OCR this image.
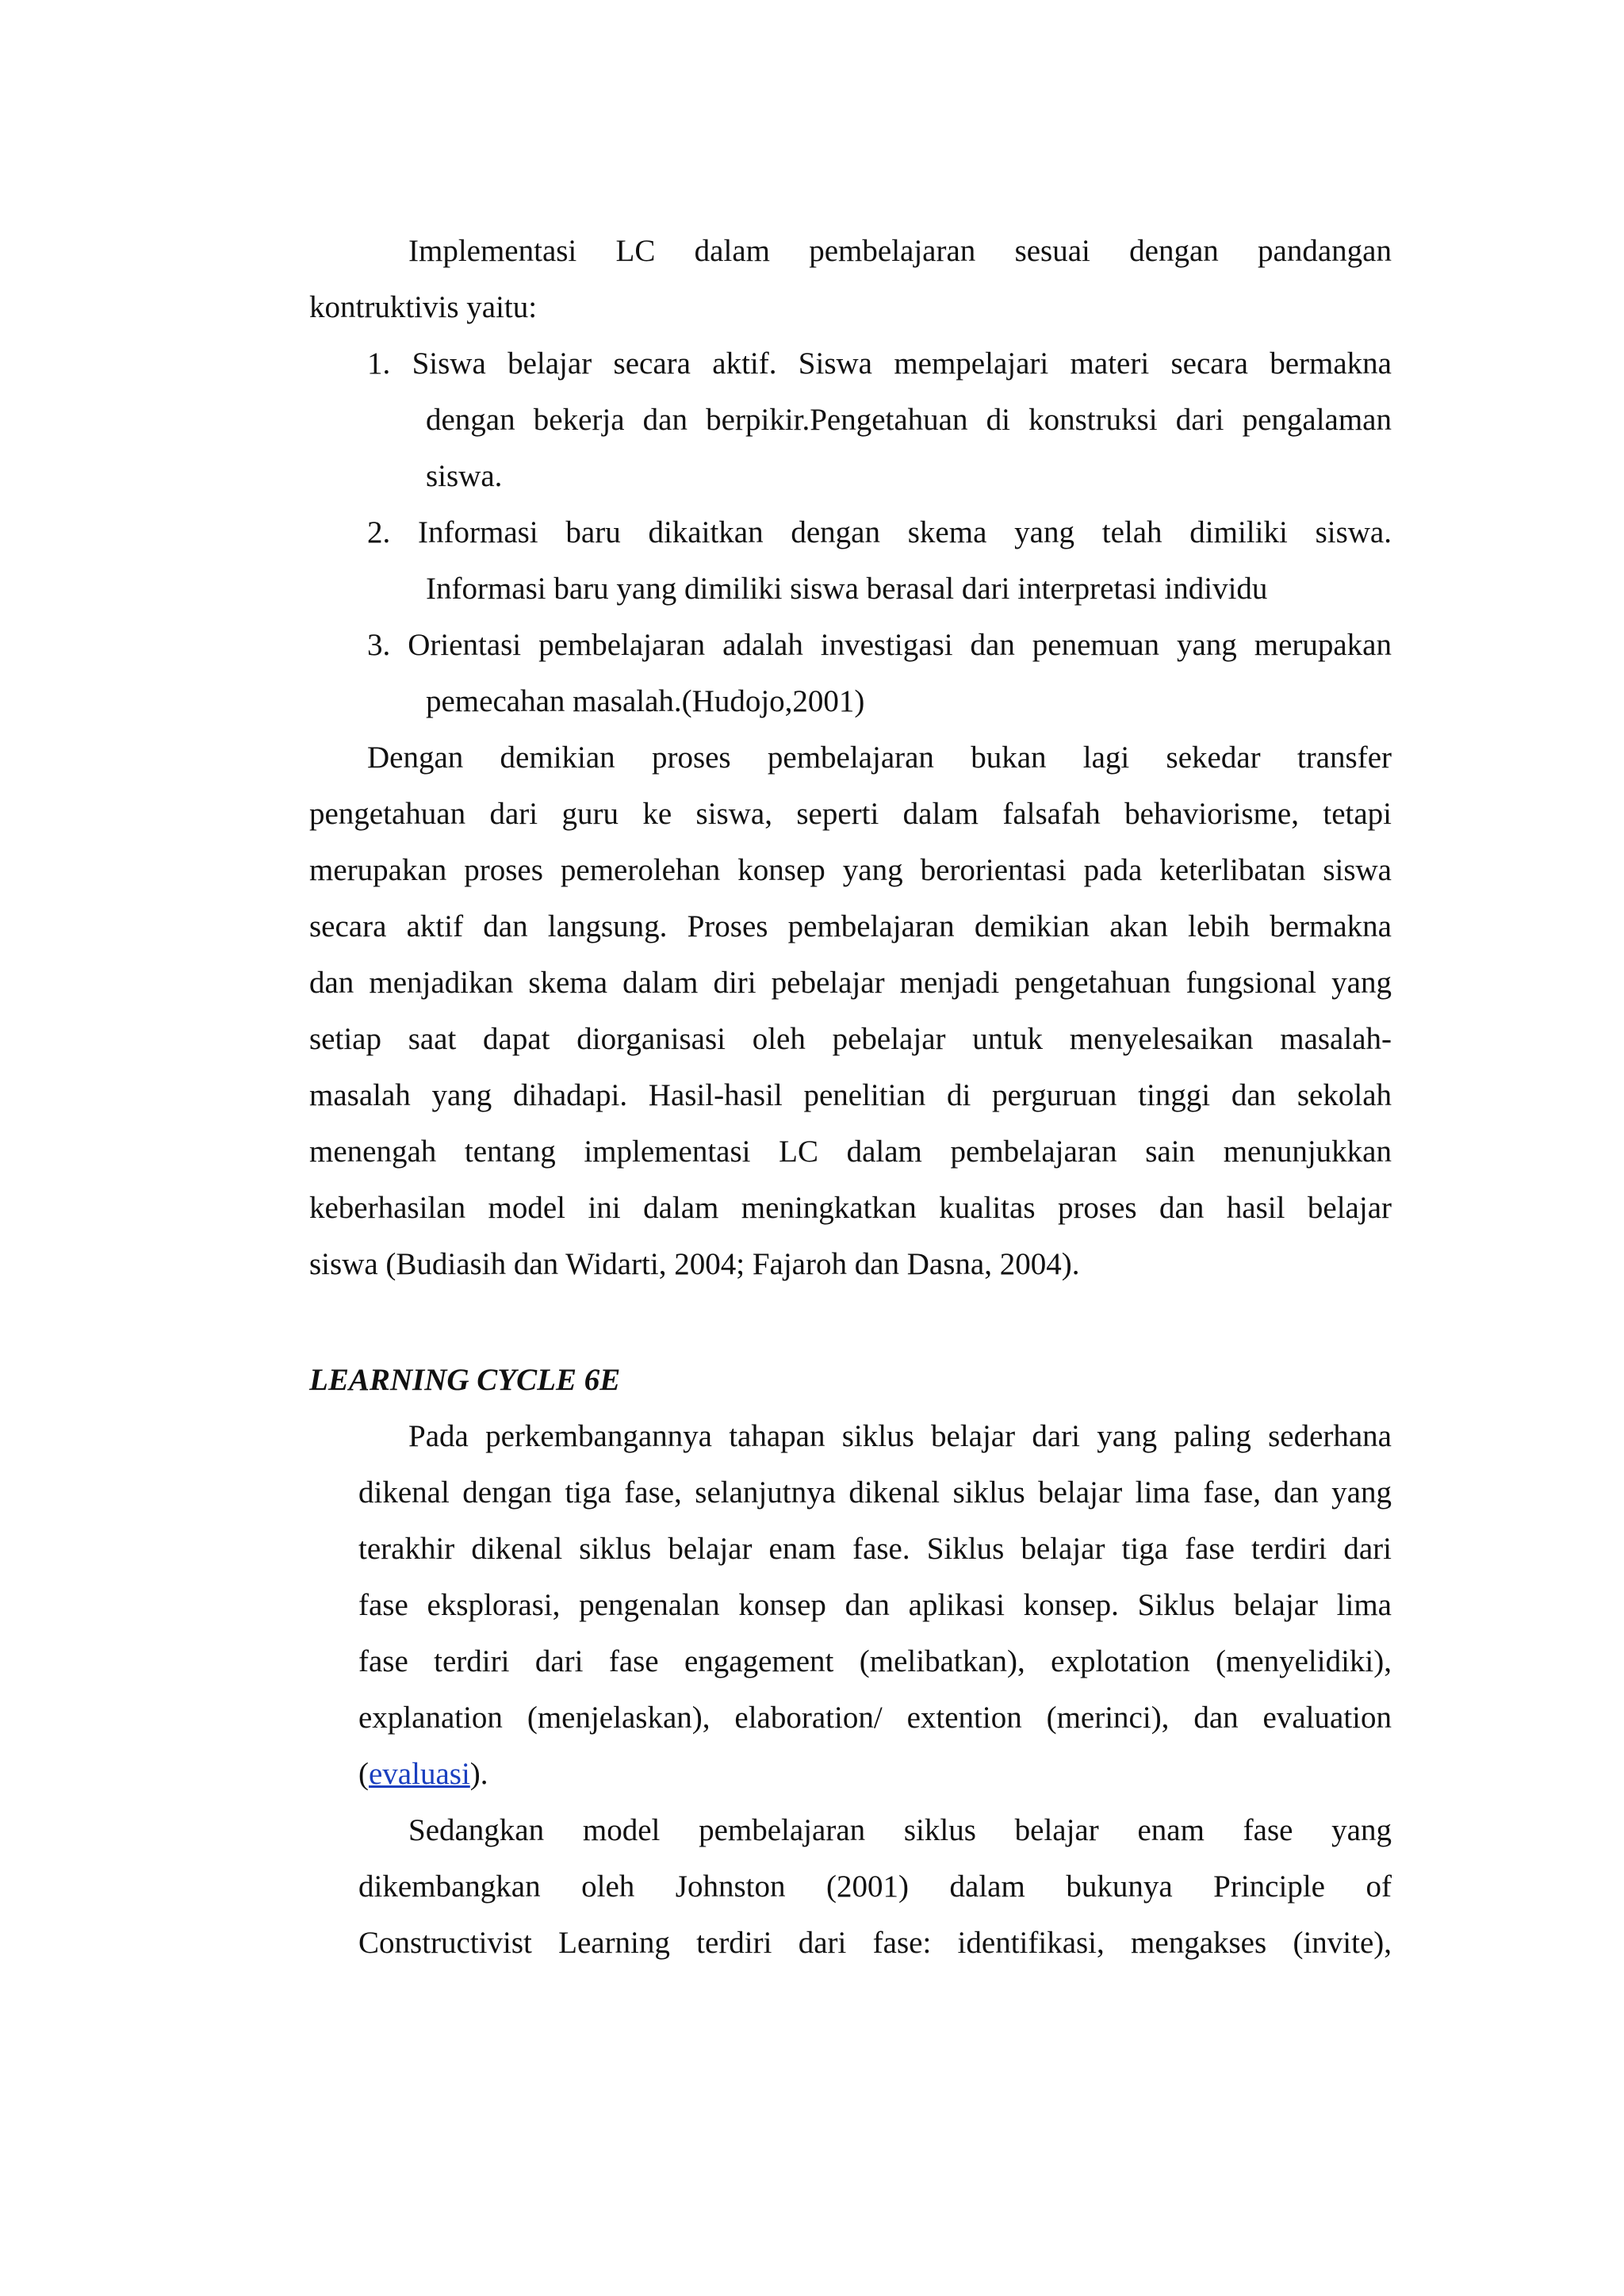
Implementasi LC dalam pembelajaran sesuai dengan pandangan
kontruktivis yaitu:
1. Siswa belajar secara aktif. Siswa mempelajari materi secara bermakna
dengan bekerja dan berpikir.Pengetahuan di konstruksi dari pengalaman
siswa.
2. Informasi baru dikaitkan dengan skema yang telah dimiliki siswa.
Informasi baru yang dimiliki siswa berasal dari interpretasi individu
3. Orientasi pembelajaran adalah investigasi dan penemuan yang merupakan
pemecahan masalah.(Hudojo,2001)
Dengan demikian proses pembelajaran bukan lagi sekedar transfer
pengetahuan dari guru ke siswa, seperti dalam falsafah behaviorisme, tetapi
merupakan proses pemerolehan konsep yang berorientasi pada keterlibatan siswa
secara aktif dan langsung. Proses pembelajaran demikian akan lebih bermakna
dan menjadikan skema dalam diri pebelajar menjadi pengetahuan fungsional yang
setiap saat dapat diorganisasi oleh pebelajar untuk menyelesaikan masalah-
masalah yang dihadapi. Hasil-hasil penelitian di perguruan tinggi dan sekolah
menengah tentang implementasi LC dalam pembelajaran sain menunjukkan
keberhasilan model ini dalam meningkatkan kualitas proses dan hasil belajar
siswa (Budiasih dan Widarti, 2004; Fajaroh dan Dasna, 2004).
LEARNING CYCLE 6E
Pada perkembangannya tahapan siklus belajar dari yang paling sederhana
dikenal dengan tiga fase, selanjutnya dikenal siklus belajar lima fase, dan yang
terakhir dikenal siklus belajar enam fase. Siklus belajar tiga fase terdiri dari
fase eksplorasi, pengenalan konsep dan aplikasi konsep. Siklus belajar lima
fase terdiri dari fase engagement (melibatkan), explotation (menyelidiki),
explanation (menjelaskan), elaboration/ extention (merinci), dan evaluation
(evaluasi).
Sedangkan model pembelajaran siklus belajar enam fase yang
dikembangkan oleh Johnston (2001) dalam bukunya Principle of
Constructivist Learning terdiri dari fase: identifikasi, mengakses (invite),
